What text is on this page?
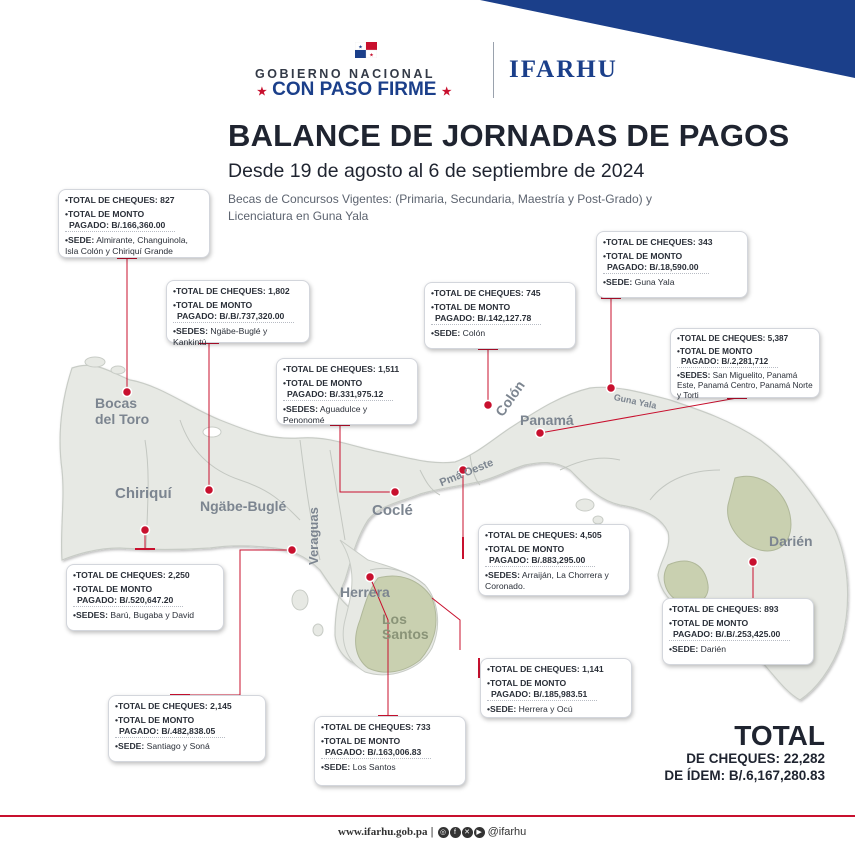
★
★
GOBIERNO NACIONAL
★ CON PASO FIRME ★
IFARHU
BALANCE DE JORNADAS DE PAGOS
Desde 19 de agosto al 6 de septiembre de 2024
Becas de Concursos Vigentes: (Primaria, Secundaria, Maestría y Post-Grado) y Licenciatura en Guna Yala
Bocas
del Toro
Chiriquí
Ngäbe-Buglé
Veraguas	Coclé
Herrera
Los
Santos
Pmá Oeste
Colón
Panamá
Guna Yala
Darién
•TOTAL DE CHEQUES: 827
•TOTAL DE MONTO
PAGADO: B/.166,360.00
•SEDE: Almirante, Changuinola, Isla Colón y Chiriquí Grande
•TOTAL DE CHEQUES: 1,802
•TOTAL DE MONTO
PAGADO: B/.B/.737,320.00
•SEDES: Ngäbe-Buglé y Kankintú
•TOTAL DE CHEQUES: 1,511
•TOTAL DE MONTO
PAGADO: B/.331,975.12
•SEDES: Aguadulce y Penonomé
•TOTAL DE CHEQUES: 745
•TOTAL DE MONTO
PAGADO: B/.142,127.78
•SEDE: Colón
•TOTAL DE CHEQUES: 343
•TOTAL DE MONTO
PAGADO: B/.18,590.00
•SEDE: Guna Yala
•TOTAL DE CHEQUES: 5,387
•TOTAL DE MONTO
PAGADO: B/.2,281,712
•SEDES: San Miguelito, Panamá Este, Panamá Centro, Panamá Norte y Torti
•TOTAL DE CHEQUES: 2,250
•TOTAL DE MONTO
PAGADO: B/.520,647.20
•SEDES: Barú, Bugaba y David
•TOTAL DE CHEQUES: 4,505
•TOTAL DE MONTO
PAGADO: B/.883,295.00
•SEDES: Arraiján, La Chorrera y Coronado.
•TOTAL DE CHEQUES: 893
•TOTAL DE MONTO
PAGADO: B/.B/.253,425.00
•SEDE: Darién
•TOTAL DE CHEQUES: 1,141
•TOTAL DE MONTO
PAGADO: B/.185,983.51
•SEDE: Herrera y Ocú
•TOTAL DE CHEQUES: 2,145
•TOTAL DE MONTO
PAGADO: B/.482,838.05
•SEDE: Santiago y Soná
•TOTAL DE CHEQUES: 733
•TOTAL DE MONTO
PAGADO: B/.163,006.83
•SEDE: Los Santos
TOTAL
DE CHEQUES: 22,282
DE ÍDEM: B/.6,167,280.83
www.ifarhu.gob.pa | ◎ f ✕ ▶ @ifarhu
